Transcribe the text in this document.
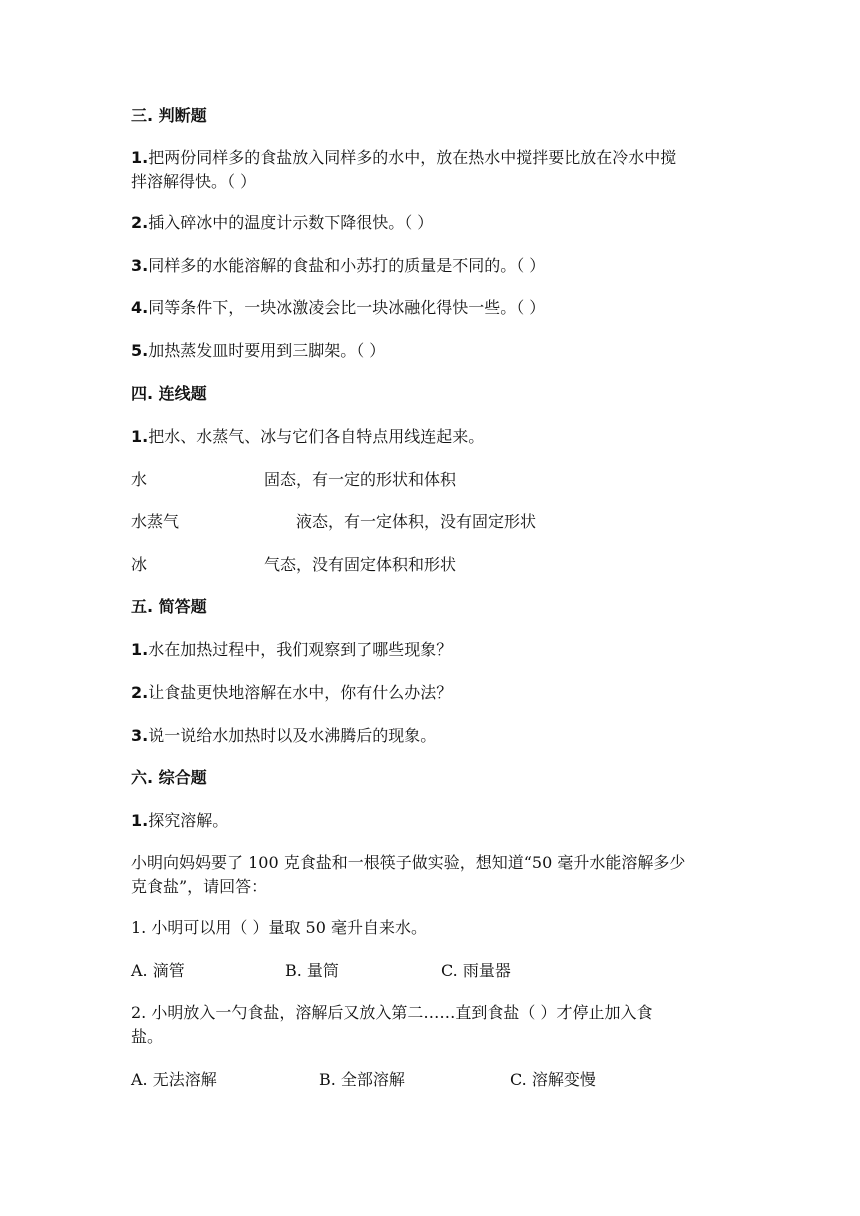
三. 判断题
1.把两份同样多的食盐放入同样多的水中，放在热水中搅拌要比放在冷水中搅
拌溶解得快。（ ）
2.插入碎冰中的温度计示数下降很快。（ ）
3.同样多的水能溶解的食盐和小苏打的质量是不同的。（ ）
4.同等条件下，一块冰激凌会比一块冰融化得快一些。（ ）
5.加热蒸发皿时要用到三脚架。（ ）
四. 连线题
1.把水、水蒸气、冰与它们各自特点用线连起来。
水	固态，有一定的形状和体积
水蒸气	液态，有一定体积，没有固定形状
冰	气态，没有固定体积和形状
五. 简答题
1.水在加热过程中，我们观察到了哪些现象？
2.让食盐更快地溶解在水中，你有什么办法？
3.说一说给水加热时以及水沸腾后的现象。
六. 综合题
1.探究溶解。
小明向妈妈要了 100 克食盐和一根筷子做实验，想知道“50 毫升水能溶解多少
克食盐”，请回答：
1. 小明可以用（ ）量取 50 毫升自来水。
A. 滴管	B. 量筒	C. 雨量器
2. 小明放入一勺食盐，溶解后又放入第二……直到食盐（ ）才停止加入食
盐。
A. 无法溶解	B. 全部溶解	C. 溶解变慢
